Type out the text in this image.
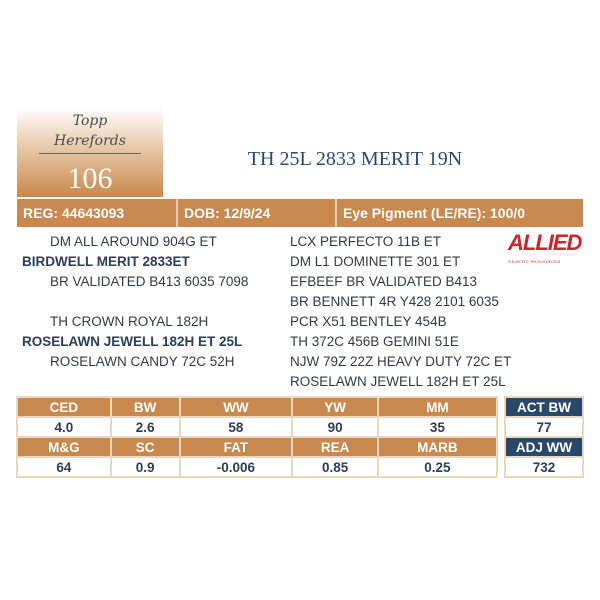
Topp Herefords
106
TH 25L 2833 MERIT 19N
REG: 44643093	DOB: 12/9/24	Eye Pigment (LE/RE): 100/0
DM ALL AROUND 904G ET
BIRDWELL MERIT 2833ET
BR VALIDATED B413 6035 7098
TH CROWN ROYAL 182H
ROSELAWN JEWELL 182H ET 25L
ROSELAWN CANDY 72C 52H
LCX PERFECTO 11B ET
DM L1 DOMINETTE 301 ET
EFBEEF BR VALIDATED B413
BR BENNETT 4R Y428 2101 6035
PCR X51 BENTLEY 454B
TH 372C 456B GEMINI 51E
NJW 79Z 22Z HEAVY DUTY 72C ET
ROSELAWN JEWELL 182H ET 25L
ALLIED
GENETIC RESOURCES
CED	BW	WW	YW	MM
4.0	2.6	58	90	35
M&G	SC	FAT	REA	MARB
64	0.9	-0.006	0.85	0.25
ACT BW
77
ADJ WW
732
